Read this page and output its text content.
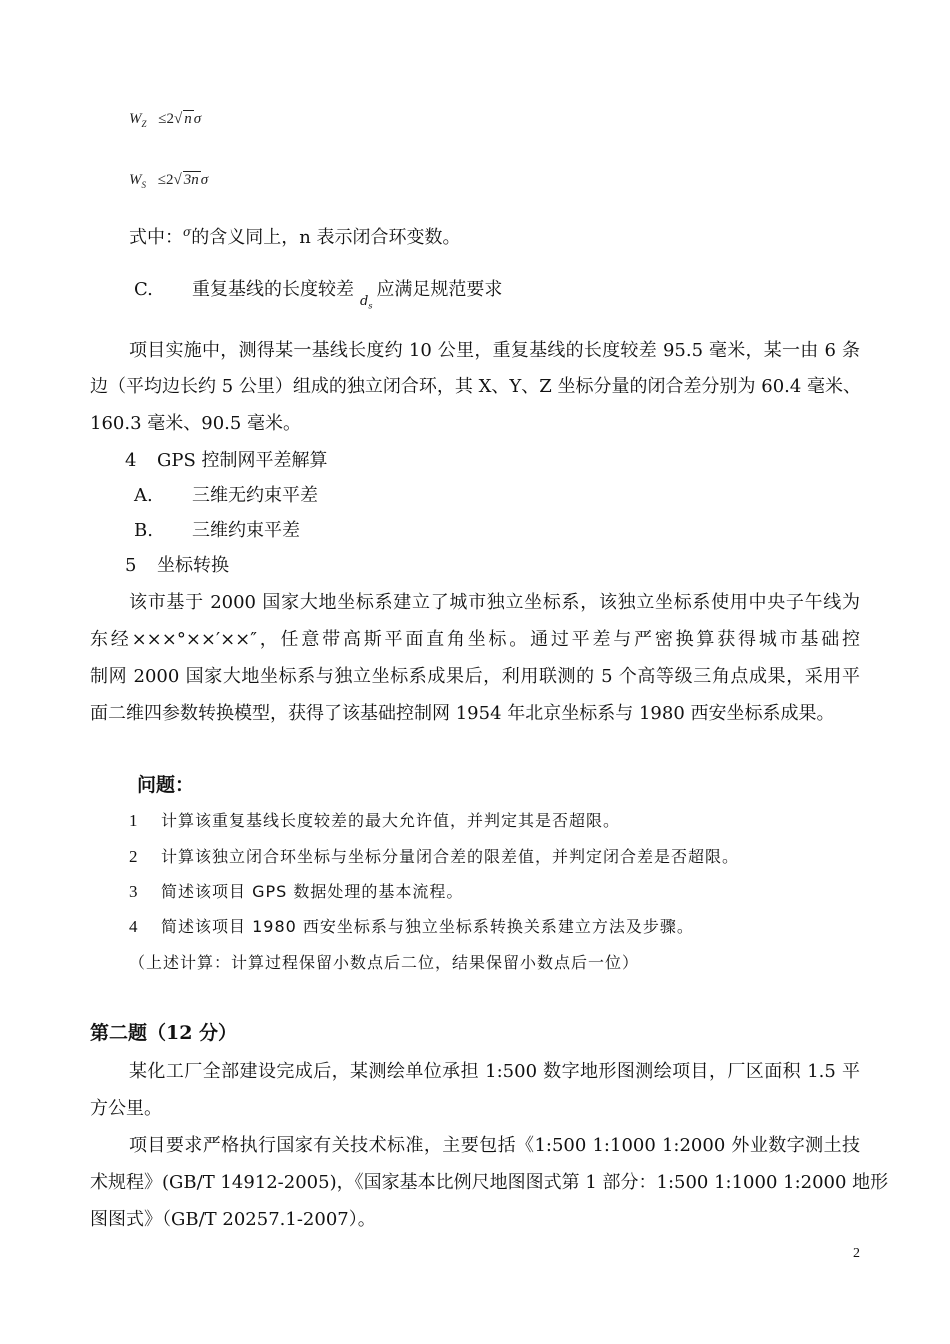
$W_Z \le 2√$ n σ
$W_S \le 2√$ 3n σ
式中：$^\sigma$的含义同上，n 表示闭合环变数。
C. 重复基线的长度较差$_{d_s}$应满足规范要求
项目实施中，测得某一基线长度约 10 公里，重复基线的长度较差 95.5 毫米，某一由 6 条
边（平均边长约 5 公里）组成的独立闭合环，其 X、Y、Z 坐标分量的闭合差分别为 60.4 毫米、
160.3 毫米、90.5 毫米。
4 GPS 控制网平差解算
A. 三维无约束平差
B. 三维约束平差
5 坐标转换
该市基于 2000 国家大地坐标系建立了城市独立坐标系，该独立坐标系使用中央子午线为
东经×××°××′××″，任意带高斯平面直角坐标。通过平差与严密换算获得城市基础控
制网 2000 国家大地坐标系与独立坐标系成果后，利用联测的 5 个高等级三角点成果，采用平
面二维四参数转换模型，获得了该基础控制网 1954 年北京坐标系与 1980 西安坐标系成果。
问题：
1 计算该重复基线长度较差的最大允许值，并判定其是否超限。
2 计算该独立闭合环坐标与坐标分量闭合差的限差值，并判定闭合差是否超限。
3 简述该项目 GPS 数据处理的基本流程。
4 简述该项目 1980 西安坐标系与独立坐标系转换关系建立方法及步骤。
（上述计算：计算过程保留小数点后二位，结果保留小数点后一位）
第二题（12 分）
某化工厂全部建设完成后，某测绘单位承担 1:500 数字地形图测绘项目，厂区面积 1.5 平
方公里。
项目要求严格执行国家有关技术标准，主要包括《1:500 1:1000 1:2000 外业数字测土技
术规程》(GB/T 14912-2005)，《国家基本比例尺地图图式第 1 部分：1:500 1:1000 1:2000 地形
图图式》（GB/T 20257.1-2007）。
2
